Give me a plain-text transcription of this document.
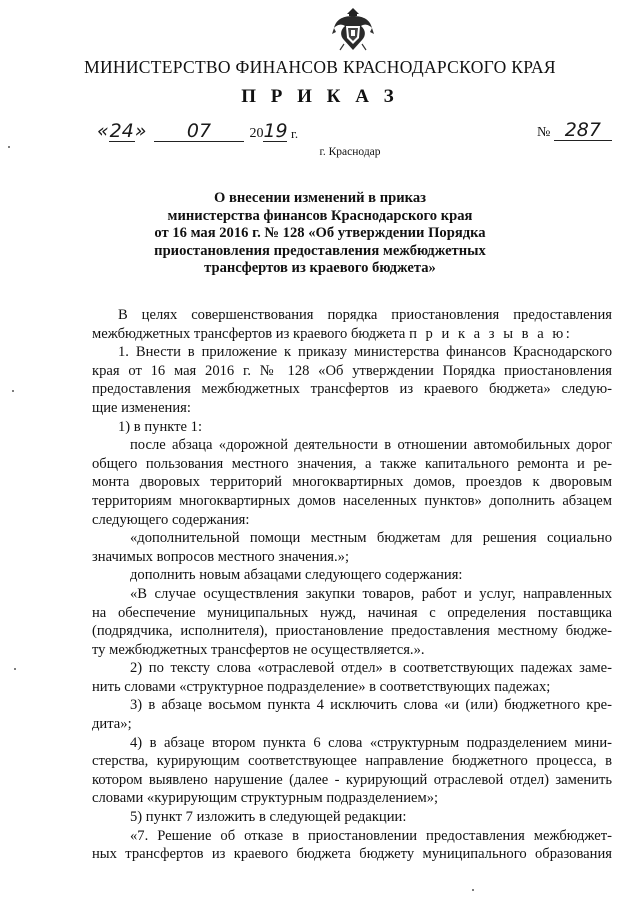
МИНИСТЕРСТВО ФИНАНСОВ КРАСНОДАРСКОГО КРАЯ
П Р И К А З
«24» 07	2019 г.	№ 287
г. Краснодар
О внесении изменений в приказ
министерства финансов Краснодарского края
от 16 мая 2016 г. № 128 «Об утверждении Порядка
приостановления предоставления межбюджетных
трансфертов из краевого бюджета»
В целях совершенствования порядка приостановления предоставления
межбюджетных трансфертов из краевого бюджета п р и к а з ы в а ю:
1. Внести в приложение к приказу министерства финансов Краснодарского
края от 16 мая 2016 г. № 128 «Об утверждении Порядка приостановления
предоставления межбюджетных трансфертов из краевого бюджета» следую-
щие изменения:
1) в пункте 1:
после абзаца «дорожной деятельности в отношении автомобильных дорог
общего пользования местного значения, а также капитального ремонта и ре-
монта дворовых территорий многоквартирных домов, проездов к дворовым
территориям многоквартирных домов населенных пунктов» дополнить абзацем
следующего содержания:
«дополнительной помощи местным бюджетам для решения социально
значимых вопросов местного значения.»;
дополнить новым абзацами следующего содержания:
«В случае осуществления закупки товаров, работ и услуг, направленных
на обеспечение муниципальных нужд, начиная с определения поставщика
(подрядчика, исполнителя), приостановление предоставления местному бюдже-
ту межбюджетных трансфертов не осуществляется.».
2) по тексту слова «отраслевой отдел» в соответствующих падежах заме-
нить словами «структурное подразделение» в соответствующих падежах;
3) в абзаце восьмом пункта 4 исключить слова «и (или) бюджетного кре-
дита»;
4) в абзаце втором пункта 6 слова «структурным подразделением мини-
стерства, курирующим соответствующее направление бюджетного процесса, в
котором выявлено нарушение (далее - курирующий отраслевой отдел) заменить
словами «курирующим структурным подразделением»;
5) пункт 7 изложить в следующей редакции:
«7. Решение об отказе в приостановлении предоставления межбюджет-
ных трансфертов из краевого бюджета бюджету муниципального образования
